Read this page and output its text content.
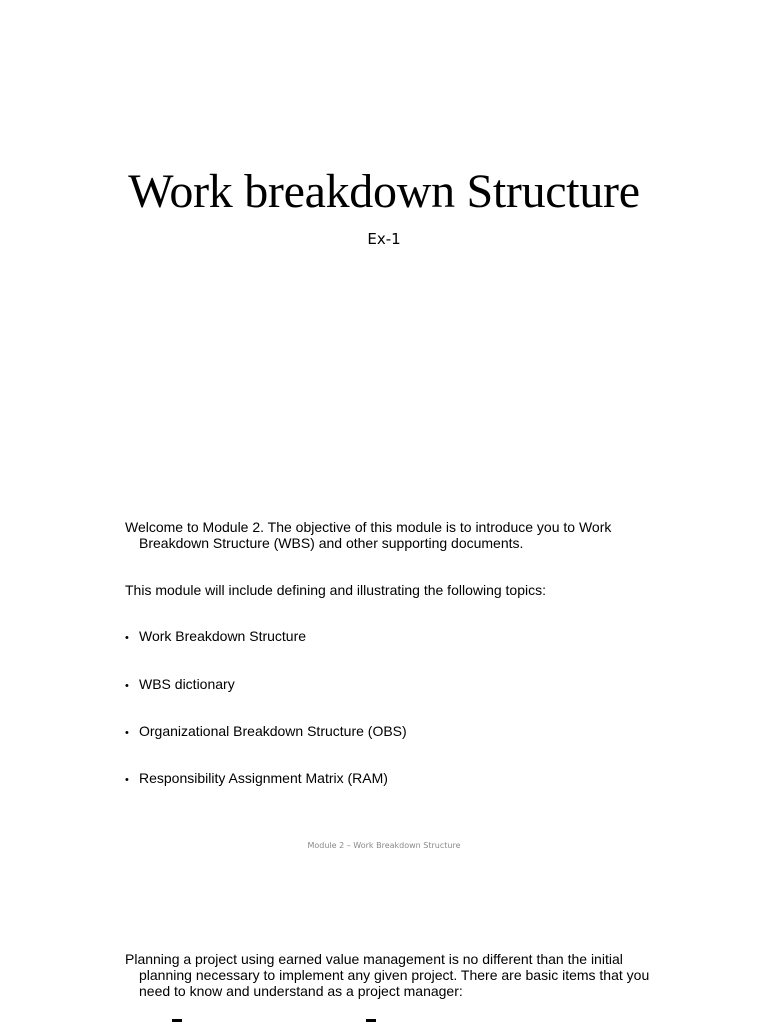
Work breakdown Structure
Ex-1

Welcome to Module 2. The objective of this module is to introduce you to Work Breakdown Structure (WBS) and other supporting documents.

This module will include defining and illustrating the following topics:

• Work Breakdown Structure
• WBS dictionary
• Organizational Breakdown Structure (OBS)
• Responsibility Assignment Matrix (RAM)
Module 2 – Work Breakdown Structure

Planning a project using earned value management is no different than the initial planning necessary to implement any given project. There are basic items that you need to know and understand as a project manager:
